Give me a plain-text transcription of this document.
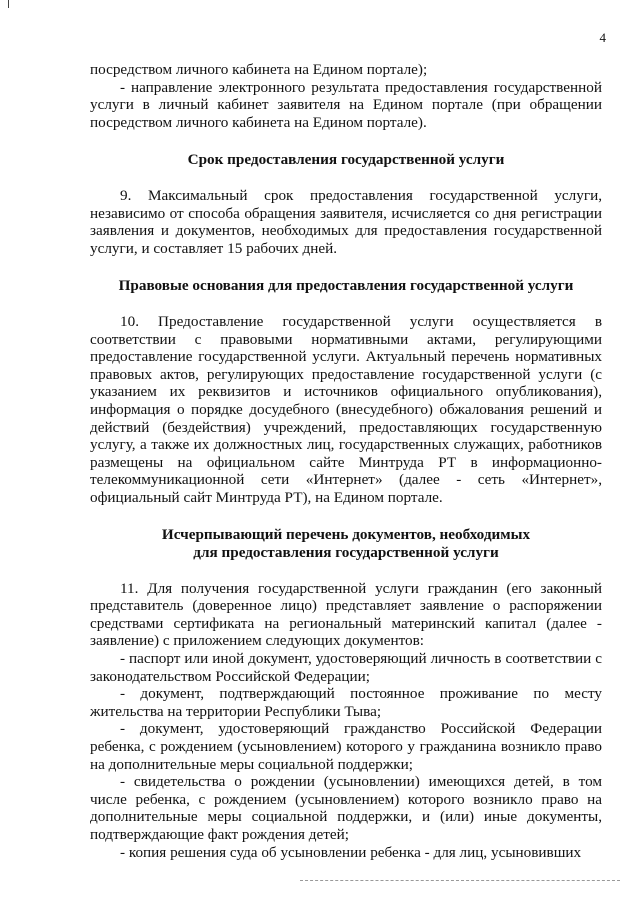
4

посредством личного кабинета на Едином портале);

- направление электронного результата предоставления государственной услуги в личный кабинет заявителя на Едином портале (при обращении посредством личного кабинета на Едином портале).

Срок предоставления государственной услуги

9. Максимальный срок предоставления государственной услуги, независимо от способа обращения заявителя, исчисляется со дня регистрации заявления и документов, необходимых для предоставления государственной услуги, и составляет 15 рабочих дней.

Правовые основания для предоставления государственной услуги

10. Предоставление государственной услуги осуществляется в соответствии с правовыми нормативными актами, регулирующими предоставление государственной услуги. Актуальный перечень нормативных правовых актов, регулирующих предоставление государственной услуги (с указанием их реквизитов и источников официального опубликования), информация о порядке досудебного (внесудебного) обжалования решений и действий (бездействия) учреждений, предоставляющих государственную услугу, а также их должностных лиц, государственных служащих, работников размещены на официальном сайте Минтруда РТ в информационно-телекоммуникационной сети «Интернет» (далее - сеть «Интернет», официальный сайт Минтруда РТ), на Едином портале.

Исчерпывающий перечень документов, необходимых

для предоставления государственной услуги

11. Для получения государственной услуги гражданин (его законный представитель (доверенное лицо) представляет заявление о распоряжении средствами сертификата на региональный материнский капитал (далее - заявление) с приложением следующих документов:

- паспорт или иной документ, удостоверяющий личность в соответствии с законодательством Российской Федерации;

- документ, подтверждающий постоянное проживание по месту жительства на территории Республики Тыва;

- документ, удостоверяющий гражданство Российской Федерации ребенка, с рождением (усыновлением) которого у гражданина возникло право на дополнительные меры социальной поддержки;

- свидетельства о рождении (усыновлении) имеющихся детей, в том числе ребенка, с рождением (усыновлением) которого возникло право на дополнительные меры социальной поддержки, и (или) иные документы, подтверждающие факт рождения детей;

- копия решения суда об усыновлении ребенка - для лиц, усыновивших
